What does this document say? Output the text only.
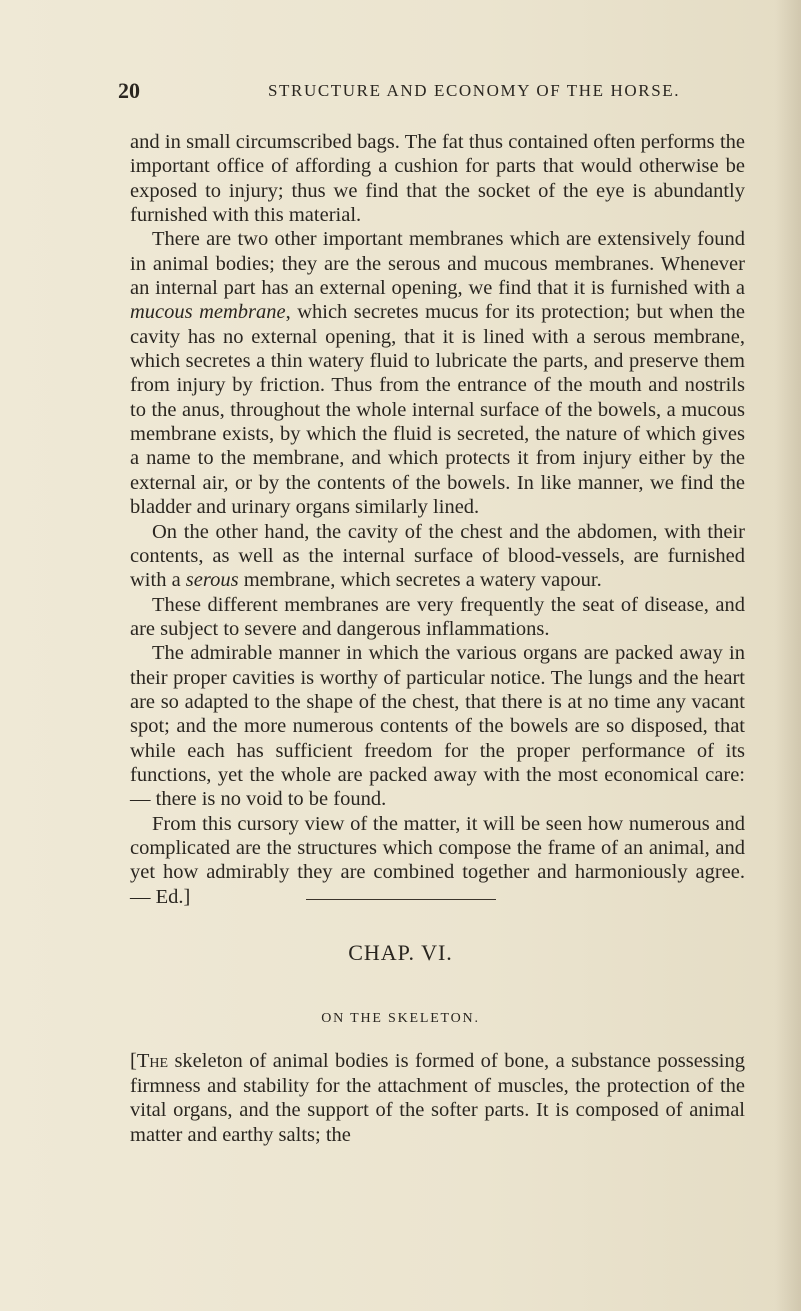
20	STRUCTURE AND ECONOMY OF THE HORSE.

and in small circumscribed bags. The fat thus contained often performs the important office of affording a cushion for parts that would otherwise be exposed to injury; thus we find that the socket of the eye is abundantly furnished with this material.

There are two other important membranes which are extensively found in animal bodies; they are the serous and mucous membranes. Whenever an internal part has an external opening, we find that it is furnished with a mucous membrane, which secretes mucus for its protection; but when the cavity has no external opening, that it is lined with a serous membrane, which secretes a thin watery fluid to lubricate the parts, and preserve them from injury by friction. Thus from the entrance of the mouth and nostrils to the anus, throughout the whole internal surface of the bowels, a mucous membrane exists, by which the fluid is secreted, the nature of which gives a name to the membrane, and which protects it from injury either by the external air, or by the contents of the bowels. In like manner, we find the bladder and urinary organs similarly lined.

On the other hand, the cavity of the chest and the abdomen, with their contents, as well as the internal surface of blood-vessels, are furnished with a serous membrane, which secretes a watery vapour.

These different membranes are very frequently the seat of disease, and are subject to severe and dangerous inflammations.

The admirable manner in which the various organs are packed away in their proper cavities is worthy of particular notice. The lungs and the heart are so adapted to the shape of the chest, that there is at no time any vacant spot; and the more numerous contents of the bowels are so disposed, that while each has sufficient freedom for the proper performance of its functions, yet the whole are packed away with the most economical care: — there is no void to be found.

From this cursory view of the matter, it will be seen how numerous and complicated are the structures which compose the frame of an animal, and yet how admirably they are combined together and harmoniously agree. — Ed.]

CHAP. VI.
ON THE SKELETON.

[The skeleton of animal bodies is formed of bone, a substance possessing firmness and stability for the attachment of muscles, the protection of the vital organs, and the support of the softer parts. It is composed of animal matter and earthy salts; the
